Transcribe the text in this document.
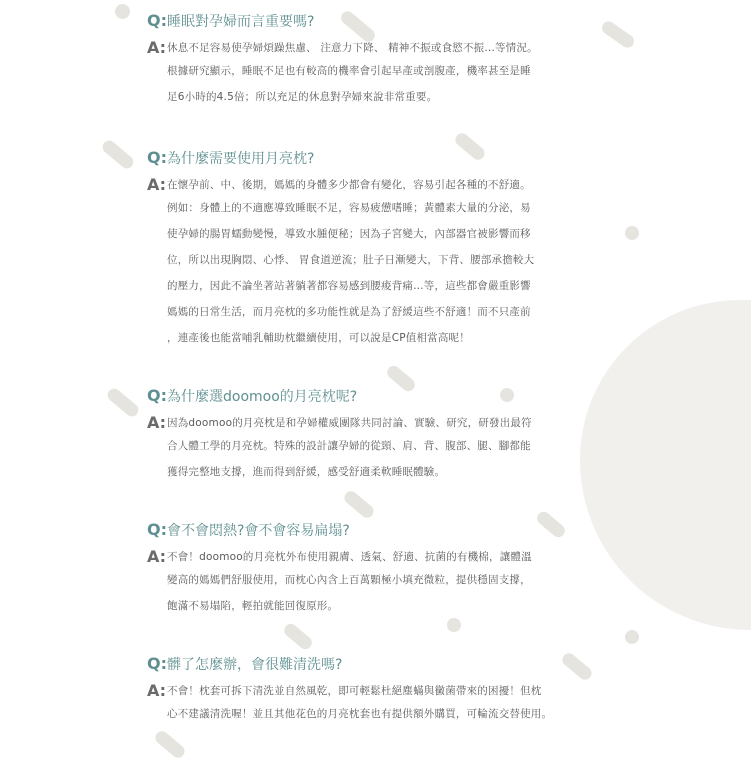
Q:睡眠對孕婦而言重要嗎?
A: 休息不足容易使孕婦煩躁焦慮、 注意力下降、 精神不振或食慾不振...等情況。
根據研究顯示，睡眠不足也有較高的機率會引起早產或剖腹產，機率甚至是睡
足6小時的4.5倍；所以充足的休息對孕婦來說非常重要。
Q:為什麼需要使用月亮枕?
A: 在懷孕前、中、後期，媽媽的身體多少都會有變化，容易引起各種的不舒適。
例如：身體上的不適應導致睡眠不足，容易疲憊嗜睡；黃體素大量的分泌，易
使孕婦的腸胃蠕動變慢，導致水腫便秘；因為子宮變大，內部器官被影響而移
位，所以出現胸悶、心悸、 胃食道逆流；肚子日漸變大，下背、腰部承擔較大
的壓力，因此不論坐著站著躺著都容易感到腰痠背痛…等，這些都會嚴重影響
媽媽的日常生活，而月亮枕的多功能性就是為了舒緩這些不舒適！而不只產前
，連產後也能當哺乳輔助枕繼續使用，可以說是CP值相當高呢！
Q:為什麼選doomoo的月亮枕呢?
A: 因為doomoo的月亮枕是和孕婦權威團隊共同討論、實驗、研究，研發出最符
合人體工學的月亮枕。特殊的設計讓孕婦的從頸、肩、背、腹部、腿、腳都能
獲得完整地支撐，進而得到舒緩，感受舒適柔軟睡眠體驗。
Q:會不會悶熱?會不會容易扁塌?
A: 不會！doomoo的月亮枕外布使用親膚、透氣、舒適、抗菌的有機棉，讓體溫
變高的媽媽們舒服使用，而枕心內含上百萬顆極小填充微粒，提供穩固支撐，
飽滿不易塌陷，輕拍就能回復原形。
Q:髒了怎麼辦，會很難清洗嗎?
A: 不會！枕套可拆下清洗並自然風乾，即可輕鬆杜絕塵蟎與黴菌帶來的困擾！但枕
心不建議清洗喔！並且其他花色的月亮枕套也有提供額外購買，可輪流交替使用。
